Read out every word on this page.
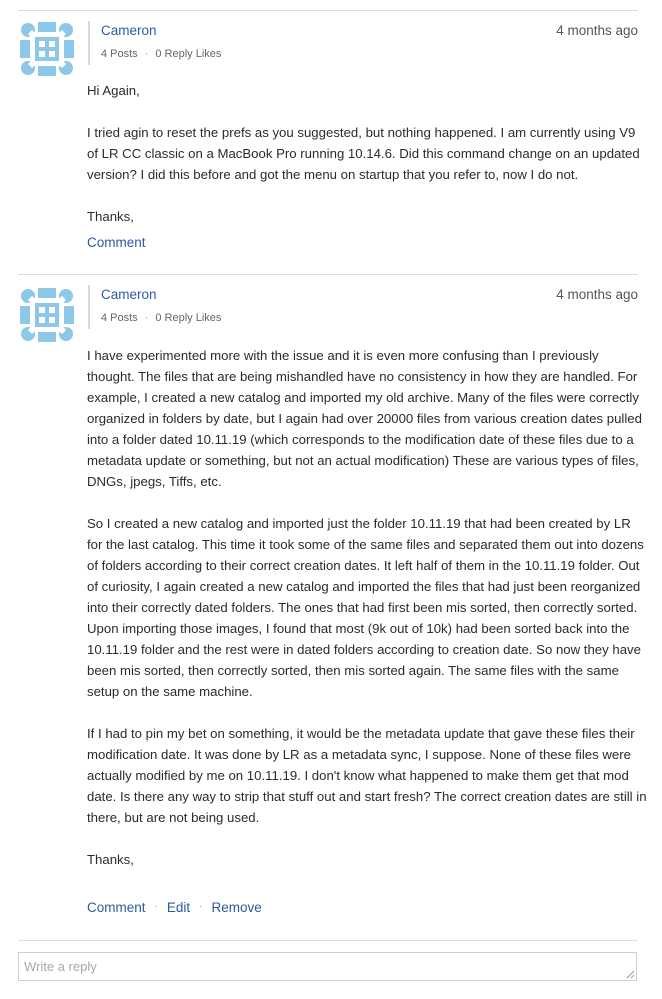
Cameron
4 Posts · 0 Reply Likes
4 months ago

Hi Again,

I tried agin to reset the prefs as you suggested, but nothing happened. I am currently using V9 of LR CC classic on a MacBook Pro running 10.14.6. Did this command change on an updated version? I did this before and got the menu on startup that you refer to, now I do not.

Thanks,

Comment
Cameron
4 Posts · 0 Reply Likes
4 months ago

I have experimented more with the issue and it is even more confusing than I previously thought. The files that are being mishandled have no consistency in how they are handled. For example, I created a new catalog and imported my old archive. Many of the files were correctly organized in folders by date, but I again had over 20000 files from various creation dates pulled into a folder dated 10.11.19 (which corresponds to the modification date of these files due to a metadata update or something, but not an actual modification) These are various types of files, DNGs, jpegs, Tiffs, etc.

So I created a new catalog and imported just the folder 10.11.19 that had been created by LR for the last catalog. This time it took some of the same files and separated them out into dozens of folders according to their correct creation dates. It left half of them in the 10.11.19 folder. Out of curiosity, I again created a new catalog and imported the files that had just been reorganized into their correctly dated folders. The ones that had first been mis sorted, then correctly sorted. Upon importing those images, I found that most (9k out of 10k) had been sorted back into the 10.11.19 folder and the rest were in dated folders according to creation date. So now they have been mis sorted, then correctly sorted, then mis sorted again. The same files with the same setup on the same machine.

If I had to pin my bet on something, it would be the metadata update that gave these files their modification date. It was done by LR as a metadata sync, I suppose. None of these files were actually modified by me on 10.11.19. I don't know what happened to make them get that mod date. Is there any way to strip that stuff out and start fresh? The correct creation dates are still in there, but are not being used.

Thanks,

Comment · Edit · Remove
Write a reply
